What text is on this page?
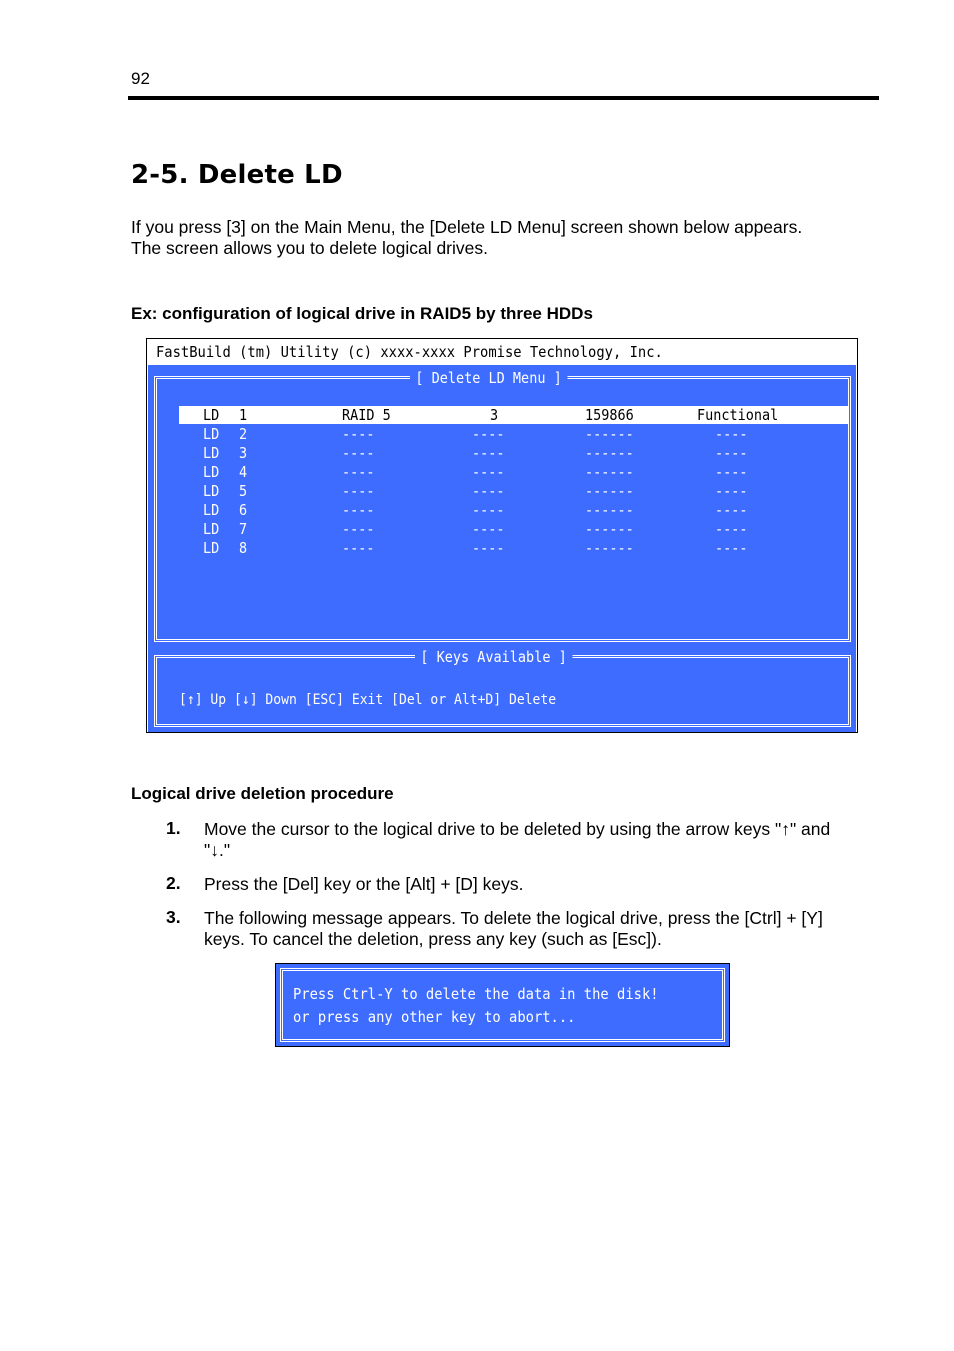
92
2-5. Delete LD
If you press [3] on the Main Menu, the [Delete LD Menu] screen shown below appears.
The screen allows you to delete logical drives.
Ex: configuration of logical drive in RAID5 by three HDDs
FastBuild (tm) Utility (c) xxxx-xxxx Promise Technology, Inc.
[ Delete LD Menu ]
LD 1	RAID 5	3	159866	Functional
LD 2	----	----	------	----
LD 3	----	----	------	----
LD 4	----	----	------	----
LD 5	----	----	------	----
LD 6	----	----	------	----
LD 7	----	----	------	----
LD 8	----	----	------	----
[ Keys Available ]
[↑] Up [↓] Down [ESC] Exit [Del or Alt+D] Delete
Logical drive deletion procedure
1. Move the cursor to the logical drive to be deleted by using the arrow keys "↑" and
"↓."
2. Press the [Del] key or the [Alt] + [D] keys.
3. The following message appears. To delete the logical drive, press the [Ctrl] + [Y]
keys. To cancel the deletion, press any key (such as [Esc]).
Press Ctrl-Y to delete the data in the disk!
or press any other key to abort...
